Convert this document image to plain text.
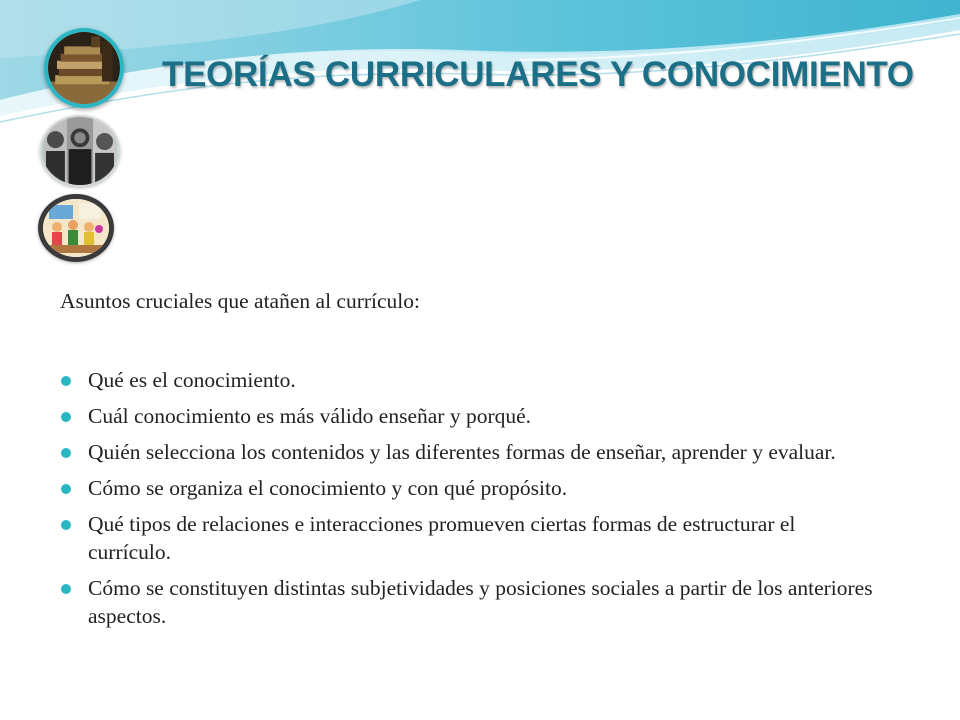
TEORÍAS CURRICULARES Y CONOCIMIENTO

Asuntos cruciales que atañen al currículo:

Qué es el conocimiento.
Cuál conocimiento es más válido enseñar y porqué.
Quién selecciona los contenidos y las diferentes formas de enseñar, aprender y evaluar.
Cómo se organiza el conocimiento y con qué propósito.
Qué tipos de relaciones e interacciones promueven ciertas formas de estructurar el currículo.
Cómo se constituyen distintas subjetividades y posiciones sociales a partir de los anteriores aspectos.
